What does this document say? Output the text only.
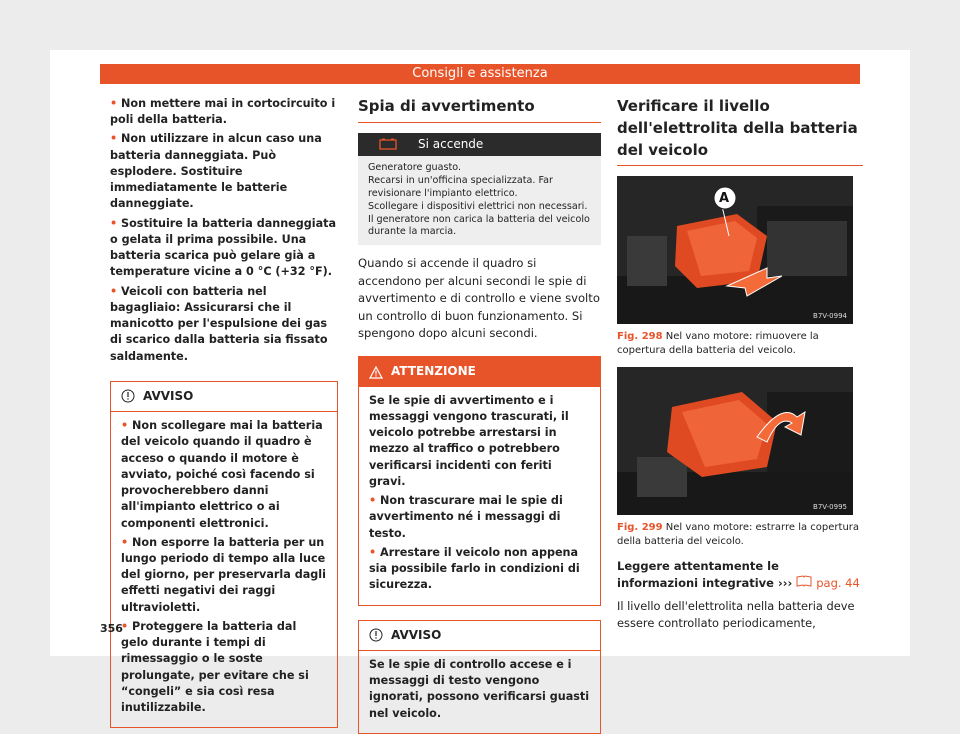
Consigli e assistenza

• Non mettere mai in cortocircuito i poli della batteria.

• Non utilizzare in alcun caso una batteria danneggiata. Può esplodere. Sostituire immediatamente le batterie danneggiate.

• Sostituire la batteria danneggiata o gelata il prima possibile. Una batteria scarica può gelare già a temperature vicine a 0 °C (+32 °F).

• Veicoli con batteria nel bagagliaio: Assicurarsi che il manicotto per l'espulsione dei gas di scarico dalla batteria sia fissato saldamente.

AVVISO

• Non scollegare mai la batteria del veicolo quando il quadro è acceso o quando il motore è avviato, poiché così facendo si provocherebbero danni all'impianto elettrico o ai componenti elettronici.

• Non esporre la batteria per un lungo periodo di tempo alla luce del giorno, per preservarla dagli effetti negativi dei raggi ultravioletti.

• Proteggere la batteria dal gelo durante i tempi di rimessaggio o le soste prolungate, per evitare che si “congeli” e sia così resa inutilizzabile.

Spia di avvertimento
Si accende

Generatore guasto.

Recarsi in un'officina specializzata. Far revisionare l'impianto elettrico.

Scollegare i dispositivi elettrici non necessari. Il generatore non carica la batteria del veicolo durante la marcia.

Quando si accende il quadro si accendono per alcuni secondi le spie di avvertimento e di controllo e viene svolto un controllo di buon funzionamento. Si spengono dopo alcuni secondi.

ATTENZIONE

Se le spie di avvertimento e i messaggi vengono trascurati, il veicolo potrebbe arrestarsi in mezzo al traffico o potrebbero verificarsi incidenti con feriti gravi.

• Non trascurare mai le spie di avvertimento né i messaggi di testo.

• Arrestare il veicolo non appena sia possibile farlo in condizioni di sicurezza.

AVVISO

Se le spie di controllo accese e i messaggi di testo vengono ignorati, possono verificarsi guasti nel veicolo.

Verificare il livello dell'elettrolita della batteria del veicolo
A
B7V-0994
Fig. 298 Nel vano motore: rimuovere la copertura della batteria del veicolo.
B7V-0995
Fig. 299 Nel vano motore: estrarre la copertura della batteria del veicolo.
Leggere attentamente le informazioni integrative ››› pag. 44

Il livello dell'elettrolita nella batteria deve essere controllato periodicamente,

356
